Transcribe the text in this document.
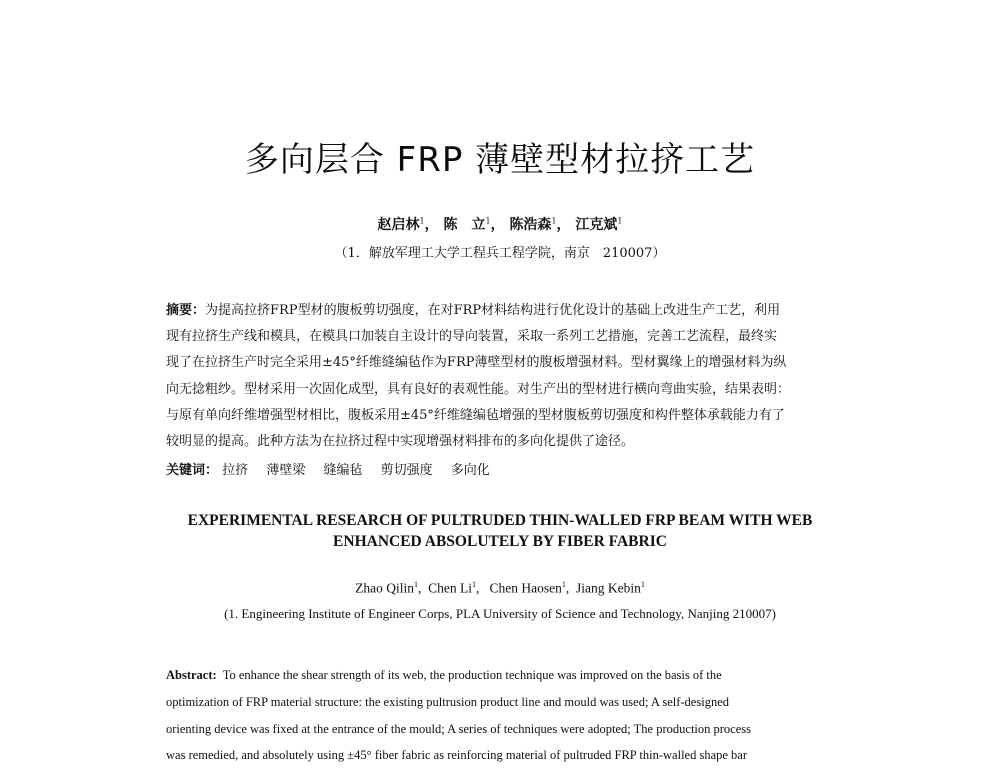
多向层合 FRP 薄壁型材拉挤工艺
赵启林$^1$， 陈　立$^1$， 陈浩森$^1$， 江克斌$^1$
（1．解放军理工大学工程兵工程学院，南京　210007）
摘要：为提高拉挤FRP型材的腹板剪切强度，在对FRP材料结构进行优化设计的基础上改进生产工艺，利用
现有拉挤生产线和模具，在模具口加装自主设计的导向装置，采取一系列工艺措施，完善工艺流程，最终实
现了在拉挤生产时完全采用±45°纤维缝编毡作为FRP薄壁型材的腹板增强材料。型材翼缘上的增强材料为纵
向无捻粗纱。型材采用一次固化成型，具有良好的表观性能。对生产出的型材进行横向弯曲实验，结果表明：
与原有单向纤维增强型材相比，腹板采用±45°纤维缝编毡增强的型材腹板剪切强度和构件整体承载能力有了
较明显的提高。此种方法为在拉挤过程中实现增强材料排布的多向化提供了途径。
关键词： 拉挤 薄壁梁 缝编毡 剪切强度 多向化
EXPERIMENTAL RESEARCH OF PULTRUDED THIN-WALLED FRP BEAM WITH WEB
ENHANCED ABSOLUTELY BY FIBER FABRIC
Zhao Qilin$^1$,  Chen Li$^1$,   Chen Haosen$^1$,  Jiang Kebin$^1$
(1. Engineering Institute of Engineer Corps, PLA University of Science and Technology, Nanjing 210007)
Abstract: To enhance the shear strength of its web, the production technique was improved on the basis of the
optimization of FRP material structure: the existing pultrusion product line and mould was used; A self-designed
orienting device was fixed at the entrance of the mould; A series of techniques were adopted; The production process
was remedied, and absolutely using ±45° fiber fabric as reinforcing material of pultruded FRP thin-walled shape bar
